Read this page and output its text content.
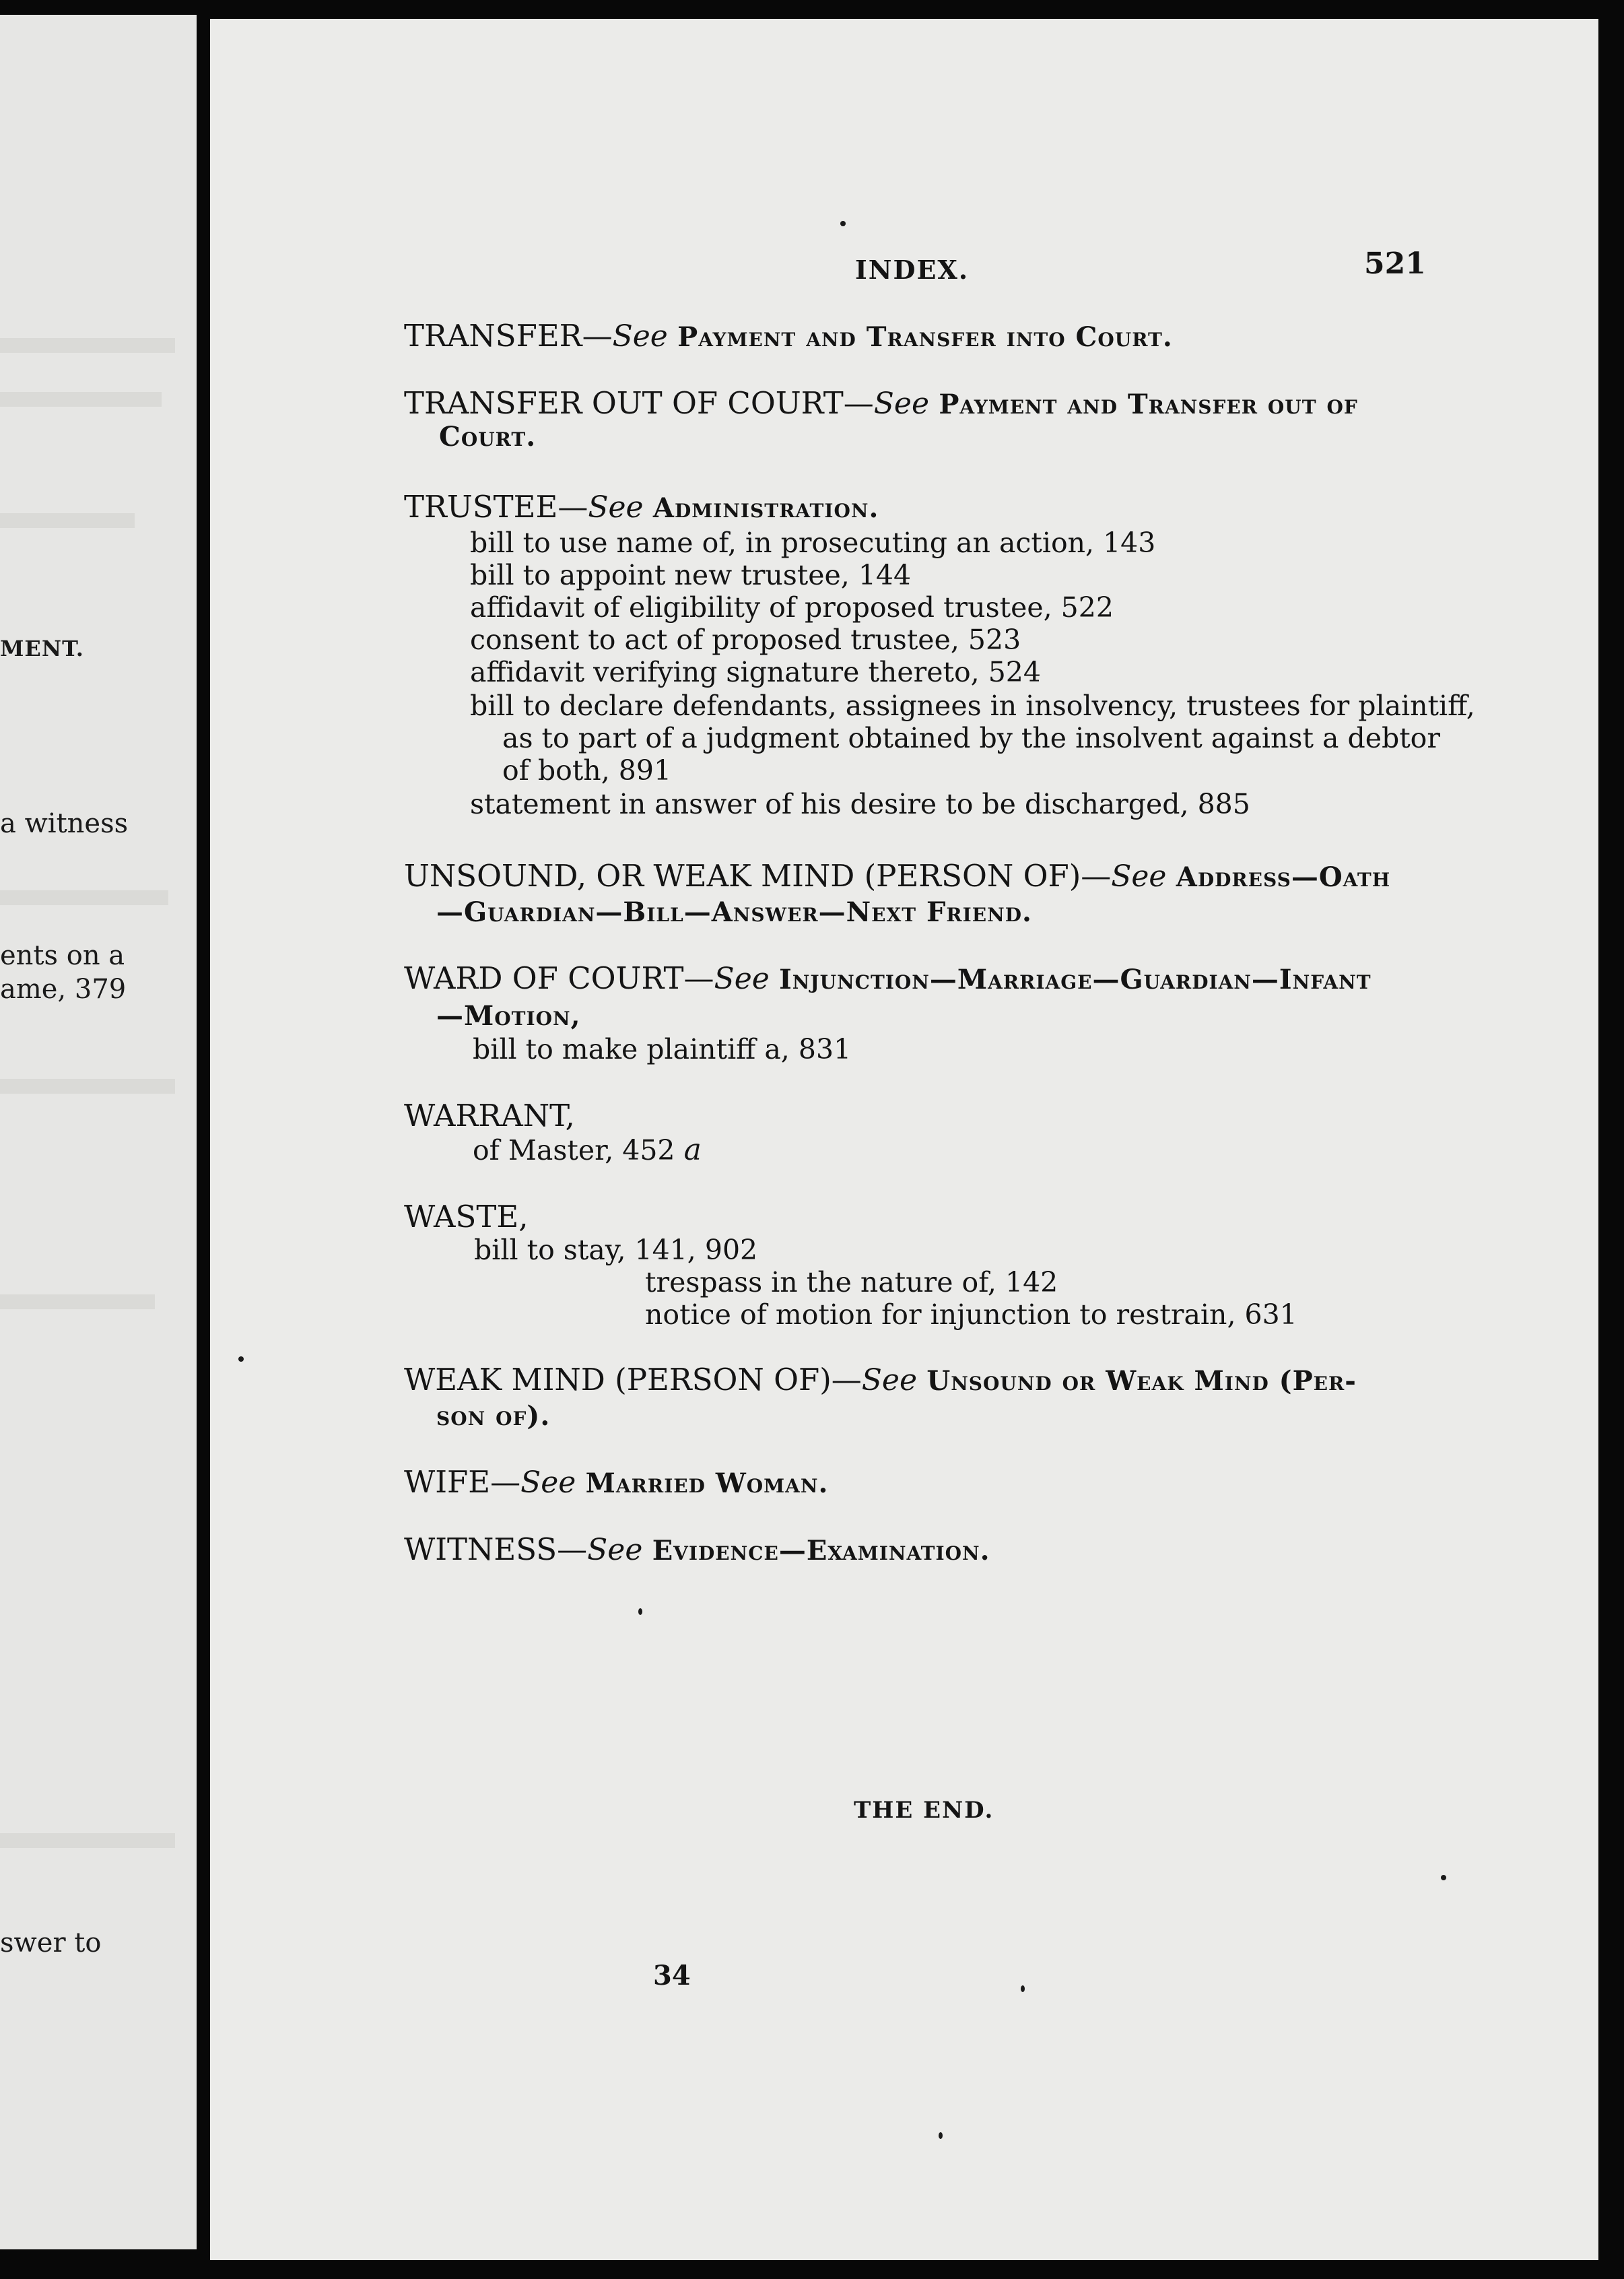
MENT.
a witness
ents on a
ame, 379
swer to
INDEX.	521
TRANSFER—See Payment and Transfer into Court.
TRANSFER OUT OF COURT—See Payment and Transfer out of
Court.
TRUSTEE—See Administration.
bill to use name of, in prosecuting an action, 143
bill to appoint new trustee, 144
affidavit of eligibility of proposed trustee, 522
consent to act of proposed trustee, 523
affidavit verifying signature thereto, 524
bill to declare defendants, assignees in insolvency, trustees for plaintiff,
as to part of a judgment obtained by the insolvent against a debtor
of both, 891
statement in answer of his desire to be discharged, 885
UNSOUND, OR WEAK MIND (PERSON OF)—See Address—Oath
—Guardian—Bill—Answer—Next Friend.
WARD OF COURT—See Injunction—Marriage—Guardian—Infant
—Motion,
bill to make plaintiff a, 831
WARRANT,
of Master, 452 a
WASTE,
bill to stay, 141, 902
trespass in the nature of, 142
notice of motion for injunction to restrain, 631
WEAK MIND (PERSON OF)—See Unsound or Weak Mind (Per-
son of).
WIFE—See Married Woman.
WITNESS—See Evidence—Examination.
THE END.
34
